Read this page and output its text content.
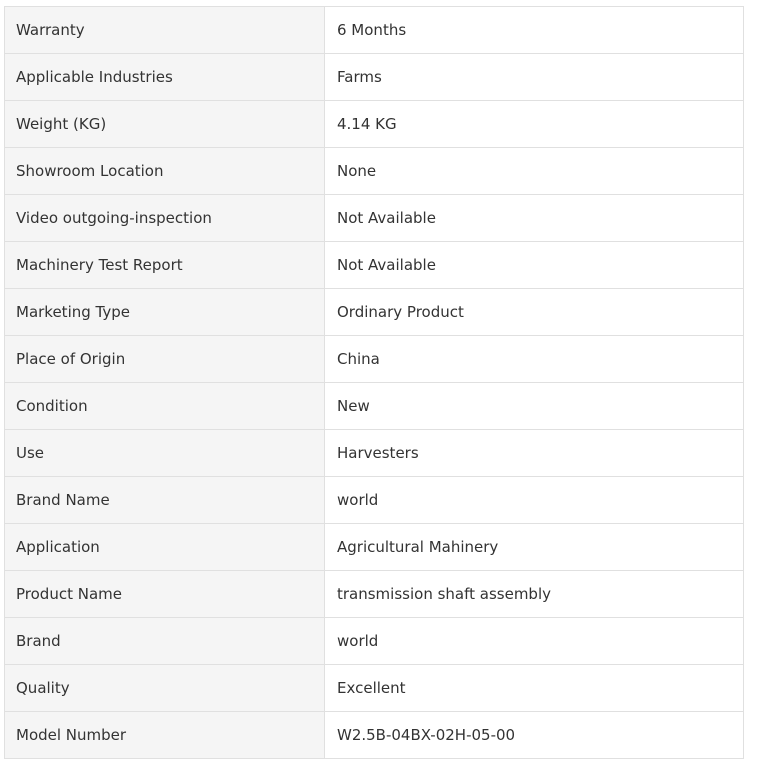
Warranty	6 Months
Applicable Industries	Farms
Weight (KG)	4.14 KG
Showroom Location	None
Video outgoing-inspection	Not Available
Machinery Test Report	Not Available
Marketing Type	Ordinary Product
Place of Origin	China
Condition	New
Use	Harvesters
Brand Name	world
Application	Agricultural Mahinery
Product Name	transmission shaft assembly
Brand	world
Quality	Excellent
Model Number	W2.5B-04BX-02H-05-00
